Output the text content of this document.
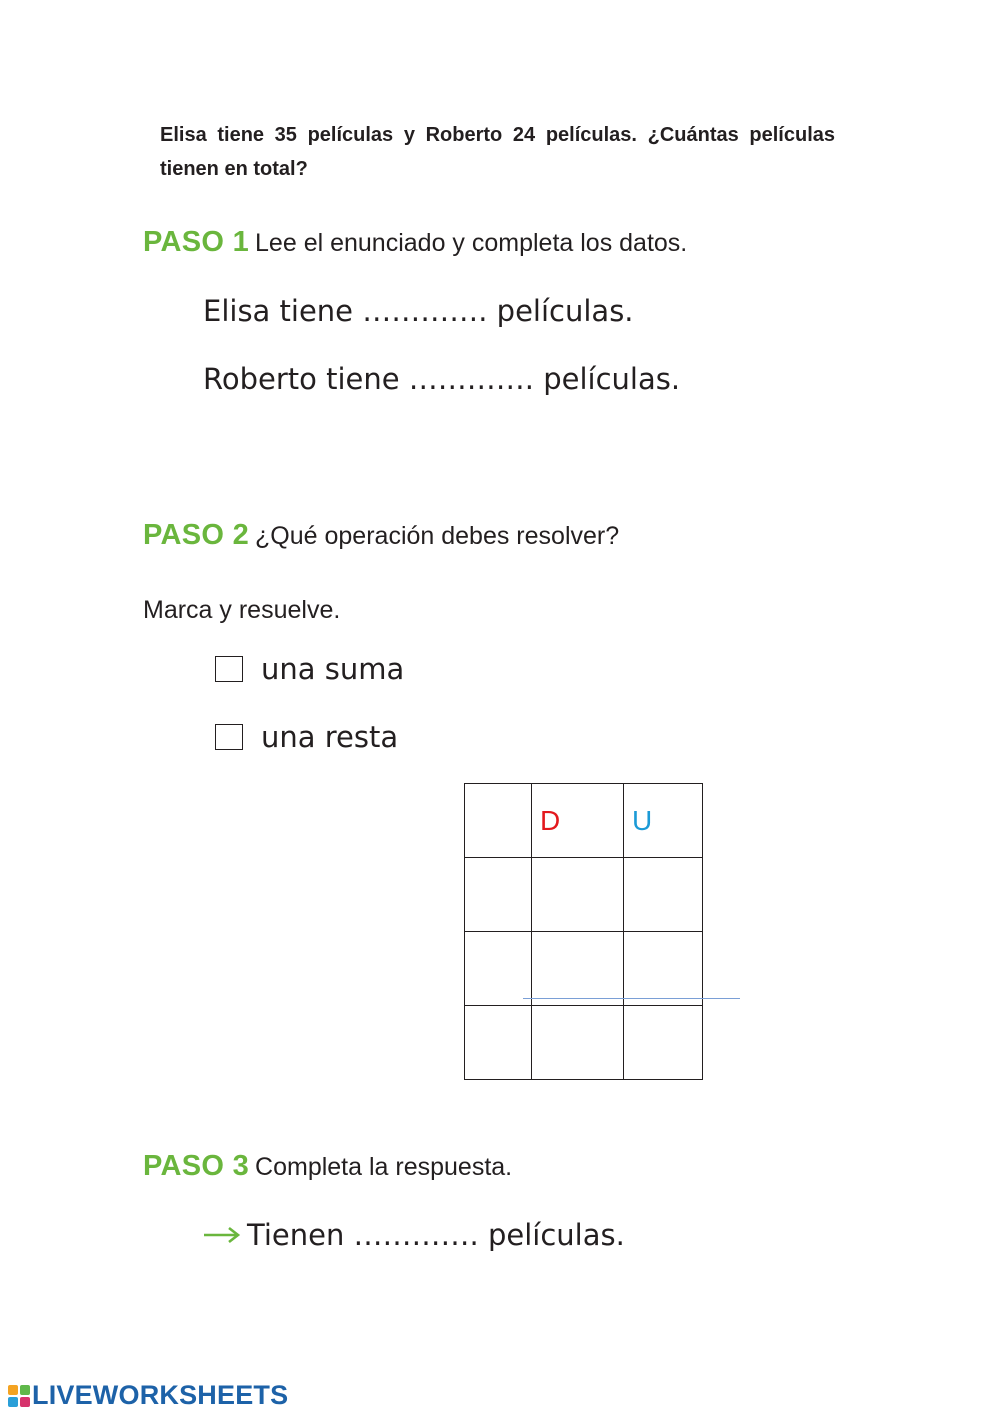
Elisa tiene 35 películas y Roberto 24 películas. ¿Cuántas películas tienen en total?
PASO 1 Lee el enunciado y completa los datos.
Elisa tiene …………. películas.
Roberto tiene …………. películas.
PASO 2 ¿Qué operación debes resolver?
Marca y resuelve.
una suma
una resta
	D	U

PASO 3 Completa la respuesta.
Tienen …………. películas.
LIVEWORKSHEETS
